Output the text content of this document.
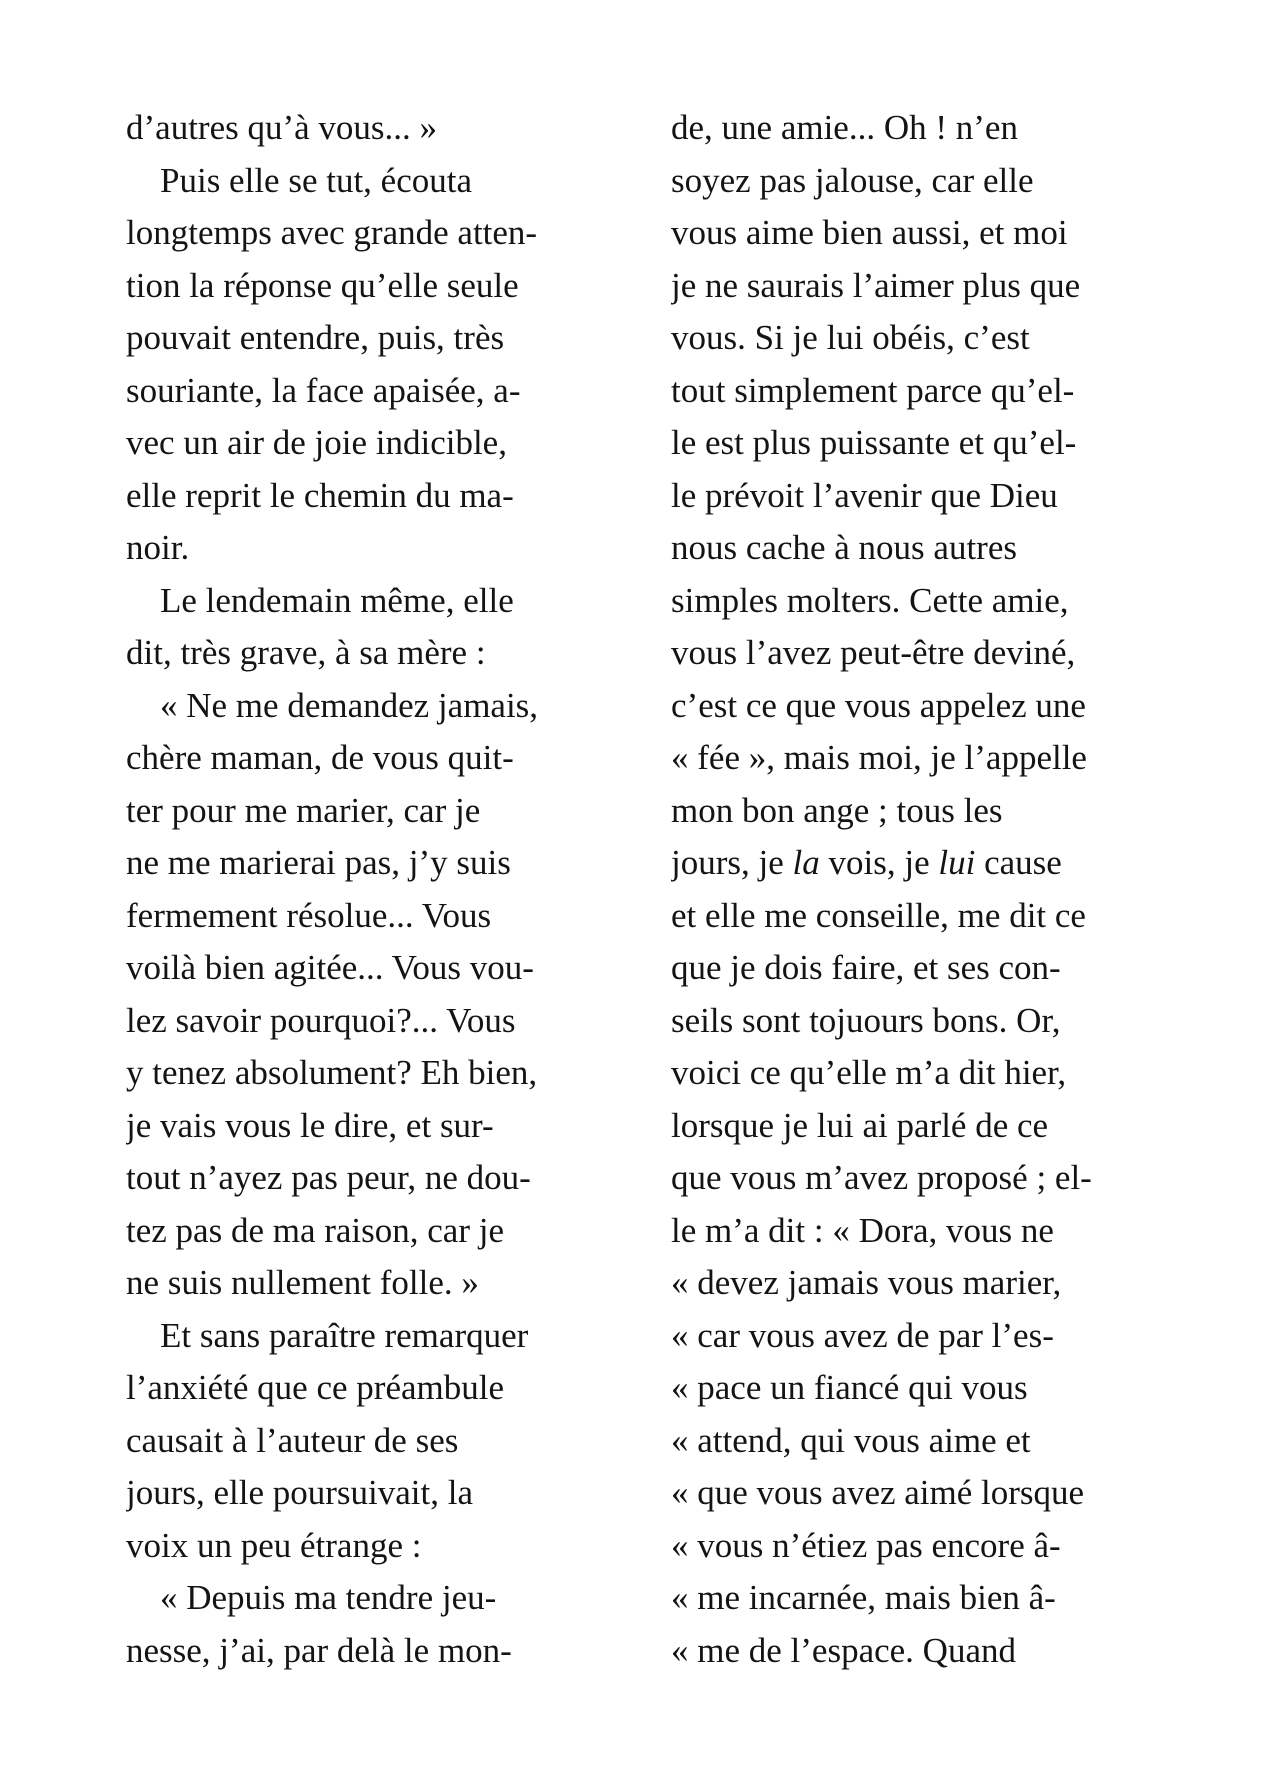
d’autres qu’à vous... »
Puis elle se tut, écouta
longtemps avec grande atten-
tion la réponse qu’elle seule
pouvait entendre, puis, très
souriante, la face apaisée, a-
vec un air de joie indicible,
elle reprit le chemin du ma-
noir.
Le lendemain même, elle
dit, très grave, à sa mère :
« Ne me demandez jamais,
chère maman, de vous quit-
ter pour me marier, car je
ne me marierai pas, j’y suis
fermement résolue... Vous
voilà bien agitée... Vous vou-
lez savoir pourquoi?... Vous
y tenez absolument? Eh bien,
je vais vous le dire, et sur-
tout n’ayez pas peur, ne dou-
tez pas de ma raison, car je
ne suis nullement folle. »
Et sans paraître remarquer
l’anxiété que ce préambule
causait à l’auteur de ses
jours, elle poursuivait, la
voix un peu étrange :
« Depuis ma tendre jeu-
nesse, j’ai, par delà le mon-
de, une amie... Oh ! n’en
soyez pas jalouse, car elle
vous aime bien aussi, et moi
je ne saurais l’aimer plus que
vous. Si je lui obéis, c’est
tout simplement parce qu’el-
le est plus puissante et qu’el-
le prévoit l’avenir que Dieu
nous cache à nous autres
simples molters. Cette amie,
vous l’avez peut-être deviné,
c’est ce que vous appelez une
« fée », mais moi, je l’appelle
mon bon ange ; tous les
jours, je la vois, je lui cause
et elle me conseille, me dit ce
que je dois faire, et ses con-
seils sont tojuours bons. Or,
voici ce qu’elle m’a dit hier,
lorsque je lui ai parlé de ce
que vous m’avez proposé ; el-
le m’a dit : « Dora, vous ne
« devez jamais vous marier,
« car vous avez de par l’es-
« pace un fiancé qui vous
« attend, qui vous aime et
« que vous avez aimé lorsque
« vous n’étiez pas encore â-
« me incarnée, mais bien â-
« me de l’espace. Quand
